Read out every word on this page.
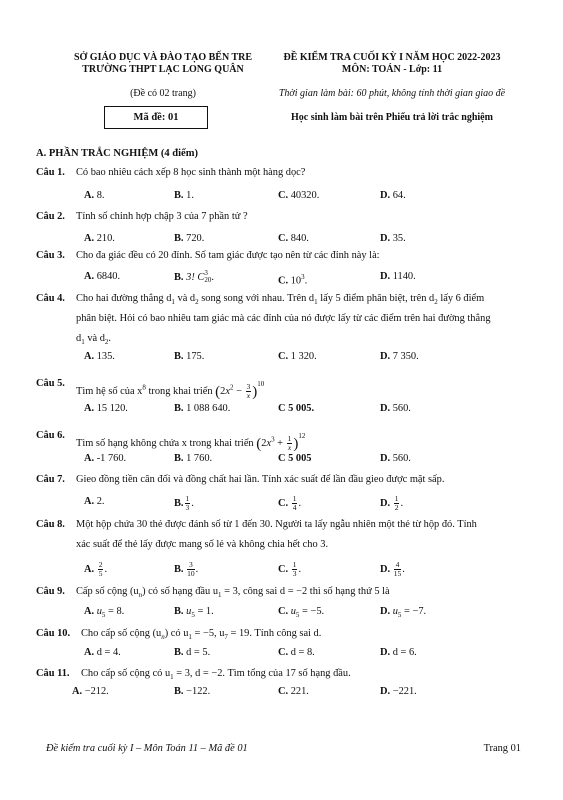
SỞ GIÁO DỤC VÀ ĐÀO TẠO BẾN TRE
TRƯỜNG THPT LẠC LONG QUÂN
ĐỀ KIỂM TRA CUỐI KỲ I NĂM HỌC 2022-2023
MÔN: TOÁN - Lớp: 11
(Đề có 02 trang)	Thời gian làm bài: 60 phút, không tính thời gian giao đề
Mã đề: 01	Học sinh làm bài trên Phiếu trả lời trắc nghiệm
A. PHẦN TRẮC NGHIỆM (4 điểm)
Câu 1. Có bao nhiêu cách xếp 8 học sinh thành một hàng dọc?
A. 8.	B. 1.	C. 40320.	D. 64.
Câu 2. Tính số chỉnh hợp chập 3 của 7 phần tử ?
A. 210.	B. 720.	C. 840.	D. 35.
Câu 3. Cho đa giác đều có 20 đỉnh. Số tam giác được tạo nên từ các đỉnh này là:
A. 6840.	B. 3! C 3
20 .	C. $10^3$.	D. 1140.
Câu 4. Cho hai đường thẳng $d_1$ và $d_2$ song song với nhau. Trên $d_1$ lấy 5 điểm phân biệt, trên $d_2$ lấy 6 điểm
phân biệt. Hỏi có bao nhiêu tam giác mà các đỉnh của nó được lấy từ các điểm trên hai đường thẳng
$d_1$ và $d_2$.
A. 135.	B. 175.	C. 1 320.	D. 7 350.
Câu 5.
Tìm hệ số của $x^8$ trong khai triển $(2x^2 - \frac{3}{x} )^{10}$
A. 15 120.	B. 1 088 640.	C 5 005.	D. 560.
Câu 6.
Tìm số hạng không chứa x trong khai triển $(2x^3 + \frac{1}{x} )^{12}$
A. -1 760.	B. 1 760.	C 5 005	D. 560.
Câu 7. Gieo đồng tiền cân đối và đồng chất hai lần. Tính xác suất để lần đầu gieo được mặt sấp.
A. 2.	B. $\frac{1}{3}$ .	C. $\frac{1}{4}$ .	D. $\frac{1}{2}$ .
Câu 8. Một hộp chứa 30 thẻ được đánh số từ 1 đến 30. Người ta lấy ngẫu nhiên một thẻ từ hộp đó. Tính
xác suất để thẻ lấy được mang số lẻ và không chia hết cho 3.
A. $\frac{2}{5}$ .	B. $\frac{3}{10}$ .	C. $\frac{1}{3}$ .	D. $\frac{4}{15}$ .
Câu 9. Cấp số cộng $(u_n)$ có số hạng đầu $u_1 = 3$, công sai d = −2 thì số hạng thứ 5 là
A. $u_5 = 8$.	B. $u_5 = 1$.	C. $u_5 = -5$.	D. $u_5 = -7$.
Câu 10. Cho cấp số cộng $(u_n)$ có $u_1 = -5$, $u_7 = 19$. Tính công sai d.
A. d = 4.	B. d = 5.	C. d = 8.	D. d = 6.
Câu 11. Cho cấp số cộng có $u_1 = 3$, d = −2. Tìm tổng của 17 số hạng đầu.
A. −212.	B. −122.	C. 221.	D. −221.
Đề kiểm tra cuối kỳ I – Môn Toán 11 – Mã đề 01	Trang 01
